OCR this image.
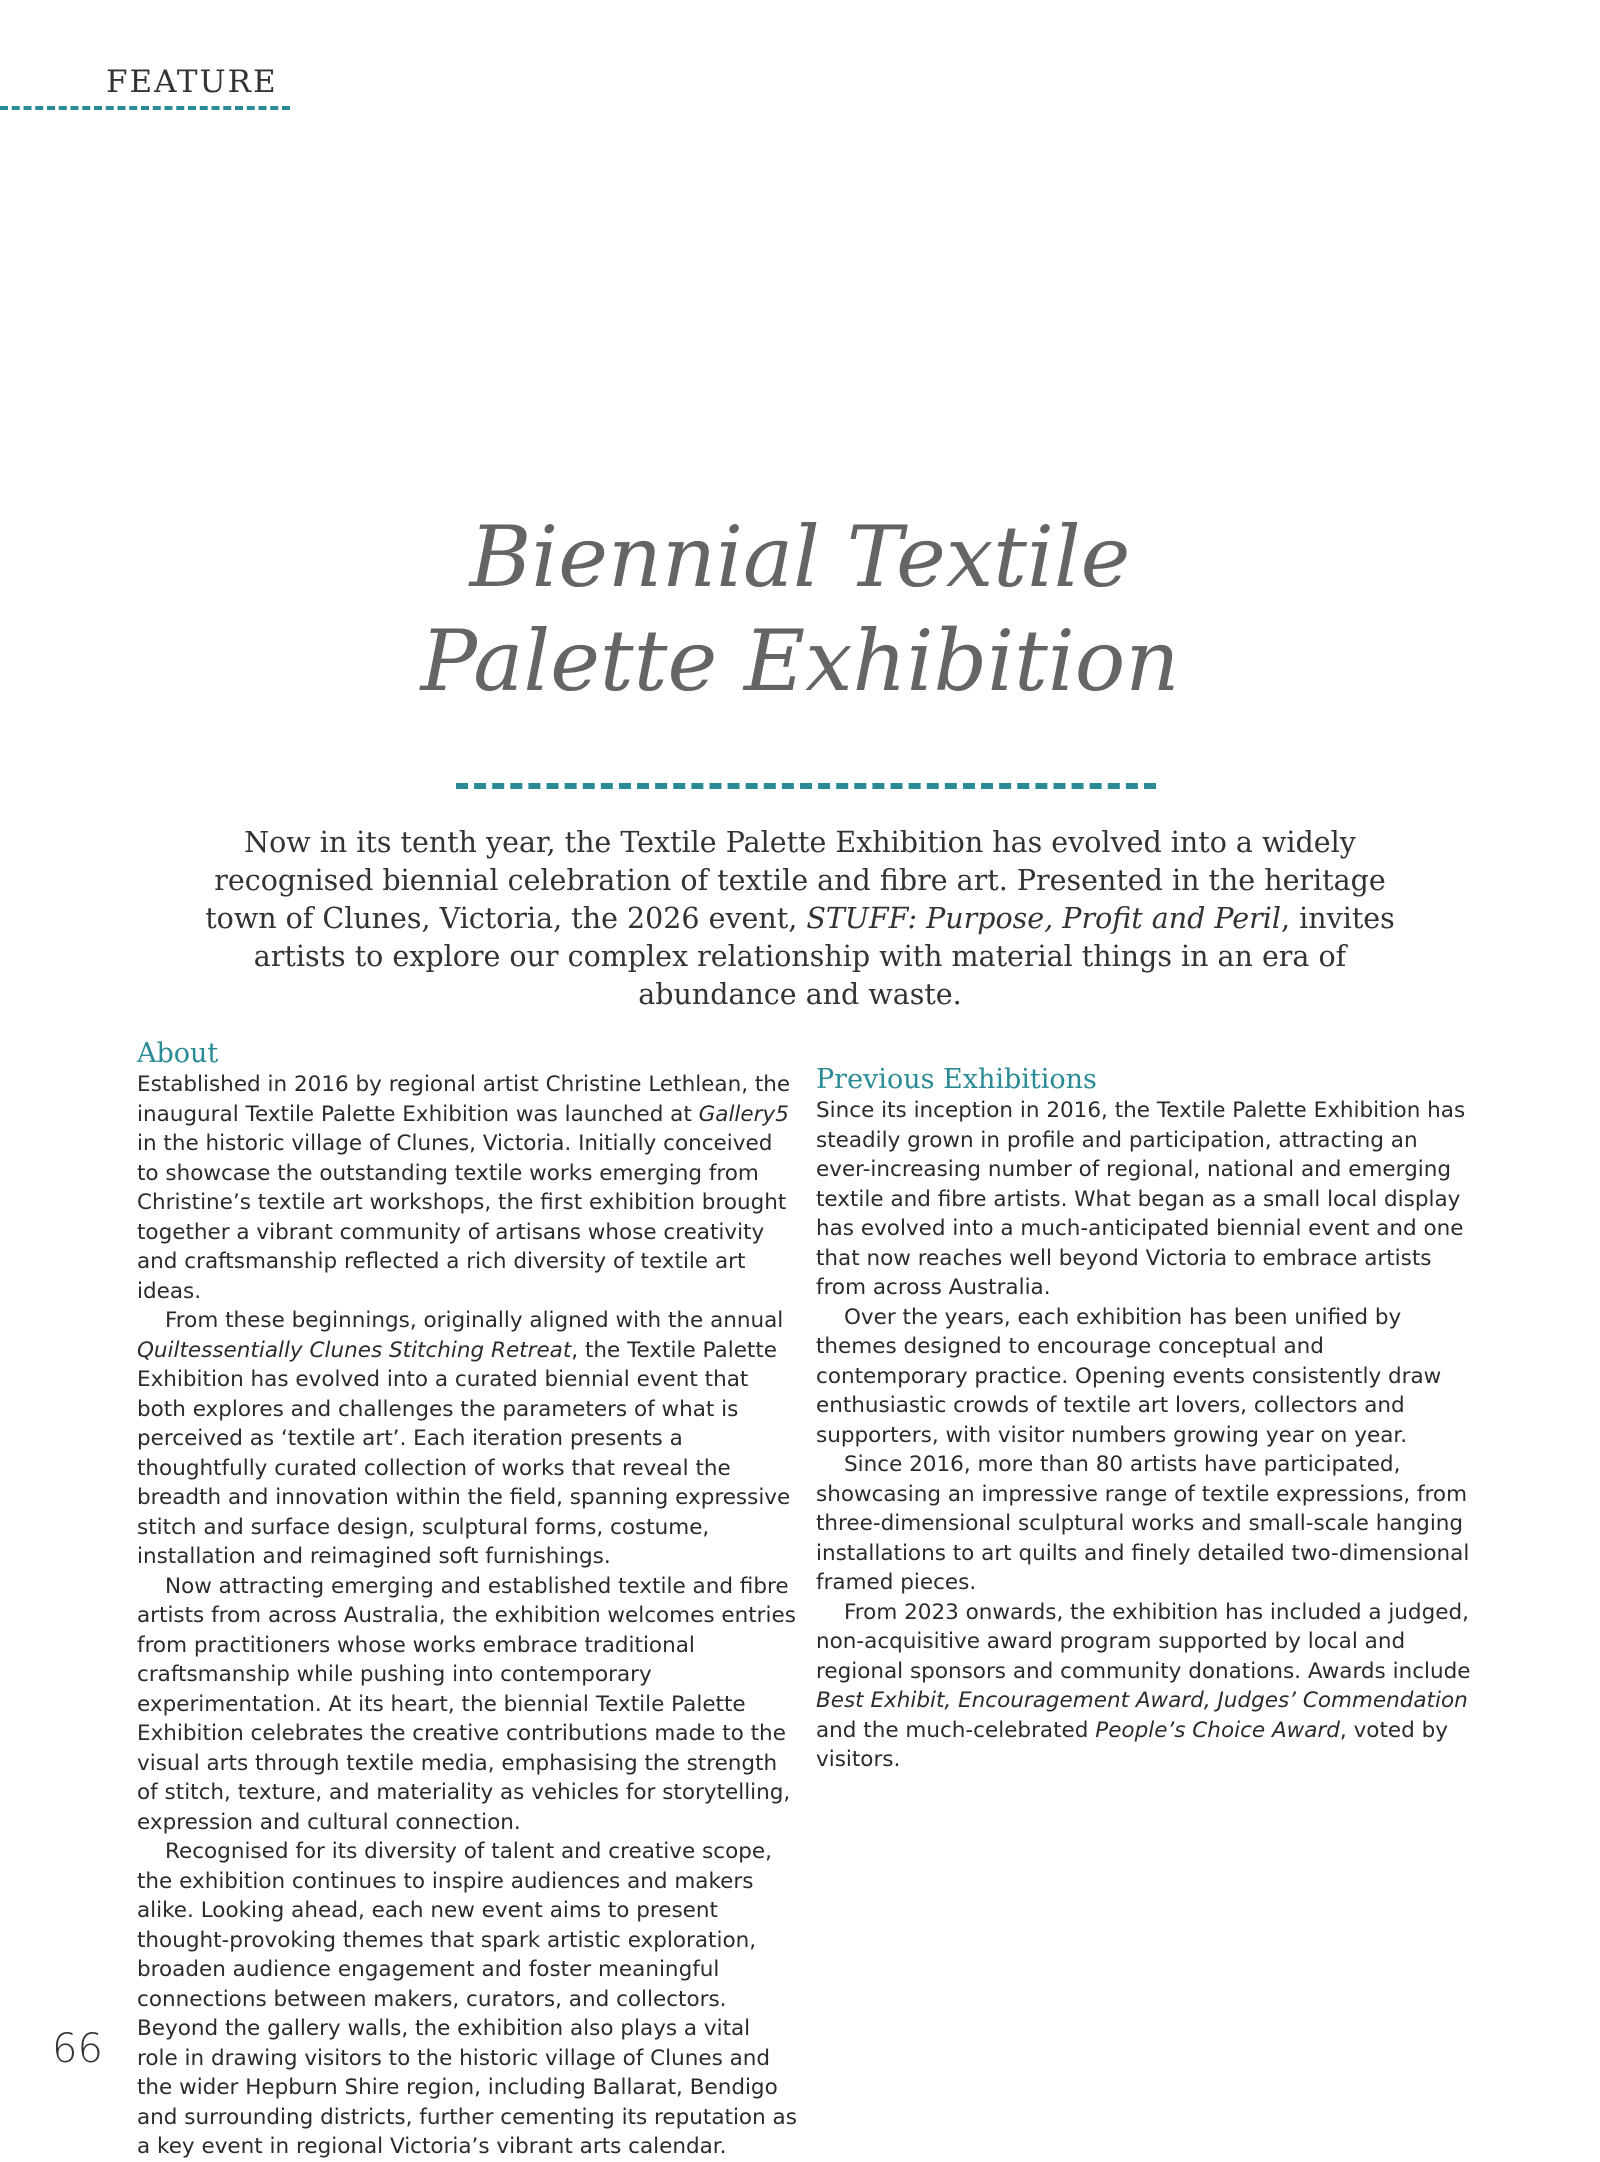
FEATURE
Biennial Textile
Palette Exhibition

Now in its tenth year, the Textile Palette Exhibition has evolved into a widely recognised biennial celebration of textile and fibre art. Presented in the heritage town of Clunes, Victoria, the 2026 event, STUFF: Purpose, Profit and Peril, invites artists to explore our complex relationship with material things in an era of abundance and waste.

About

Established in 2016 by regional artist Christine Lethlean, the inaugural Textile Palette Exhibition was launched at Gallery5 in the historic village of Clunes, Victoria. Initially conceived to showcase the outstanding textile works emerging from Christine’s textile art workshops, the first exhibition brought together a vibrant community of artisans whose creativity and craftsmanship reflected a rich diversity of textile art ideas.

From these beginnings, originally aligned with the annual Quiltessentially Clunes Stitching Retreat, the Textile Palette Exhibition has evolved into a curated biennial event that both explores and challenges the parameters of what is perceived as ‘textile art’. Each iteration presents a thoughtfully curated collection of works that reveal the breadth and innovation within the field, spanning expressive stitch and surface design, sculptural forms, costume, installation and reimagined soft furnishings.

Now attracting emerging and established textile and fibre artists from across Australia, the exhibition welcomes entries from practitioners whose works embrace traditional craftsmanship while pushing into contemporary experimentation. At its heart, the biennial Textile Palette Exhibition celebrates the creative contributions made to the visual arts through textile media, emphasising the strength of stitch, texture, and materiality as vehicles for storytelling, expression and cultural connection.

Recognised for its diversity of talent and creative scope, the exhibition continues to inspire audiences and makers alike. Looking ahead, each new event aims to present thought-provoking themes that spark artistic exploration, broaden audience engagement and foster meaningful connections between makers, curators, and collectors. Beyond the gallery walls, the exhibition also plays a vital role in drawing visitors to the historic village of Clunes and the wider Hepburn Shire region, including Ballarat, Bendigo and surrounding districts, further cementing its reputation as a key event in regional Victoria’s vibrant arts calendar.

Previous Exhibitions

Since its inception in 2016, the Textile Palette Exhibition has steadily grown in profile and participation, attracting an ever-increasing number of regional, national and emerging textile and fibre artists. What began as a small local display has evolved into a much-anticipated biennial event and one that now reaches well beyond Victoria to embrace artists from across Australia.

Over the years, each exhibition has been unified by themes designed to encourage conceptual and contemporary practice. Opening events consistently draw enthusiastic crowds of textile art lovers, collectors and supporters, with visitor numbers growing year on year.

Since 2016, more than 80 artists have participated, showcasing an impressive range of textile expressions, from three-dimensional sculptural works and small-scale hanging installations to art quilts and finely detailed two-dimensional framed pieces.

From 2023 onwards, the exhibition has included a judged, non-acquisitive award program supported by local and regional sponsors and community donations. Awards include Best Exhibit, Encouragement Award, Judges’ Commendation and the much-celebrated People’s Choice Award, voted by visitors.

66
